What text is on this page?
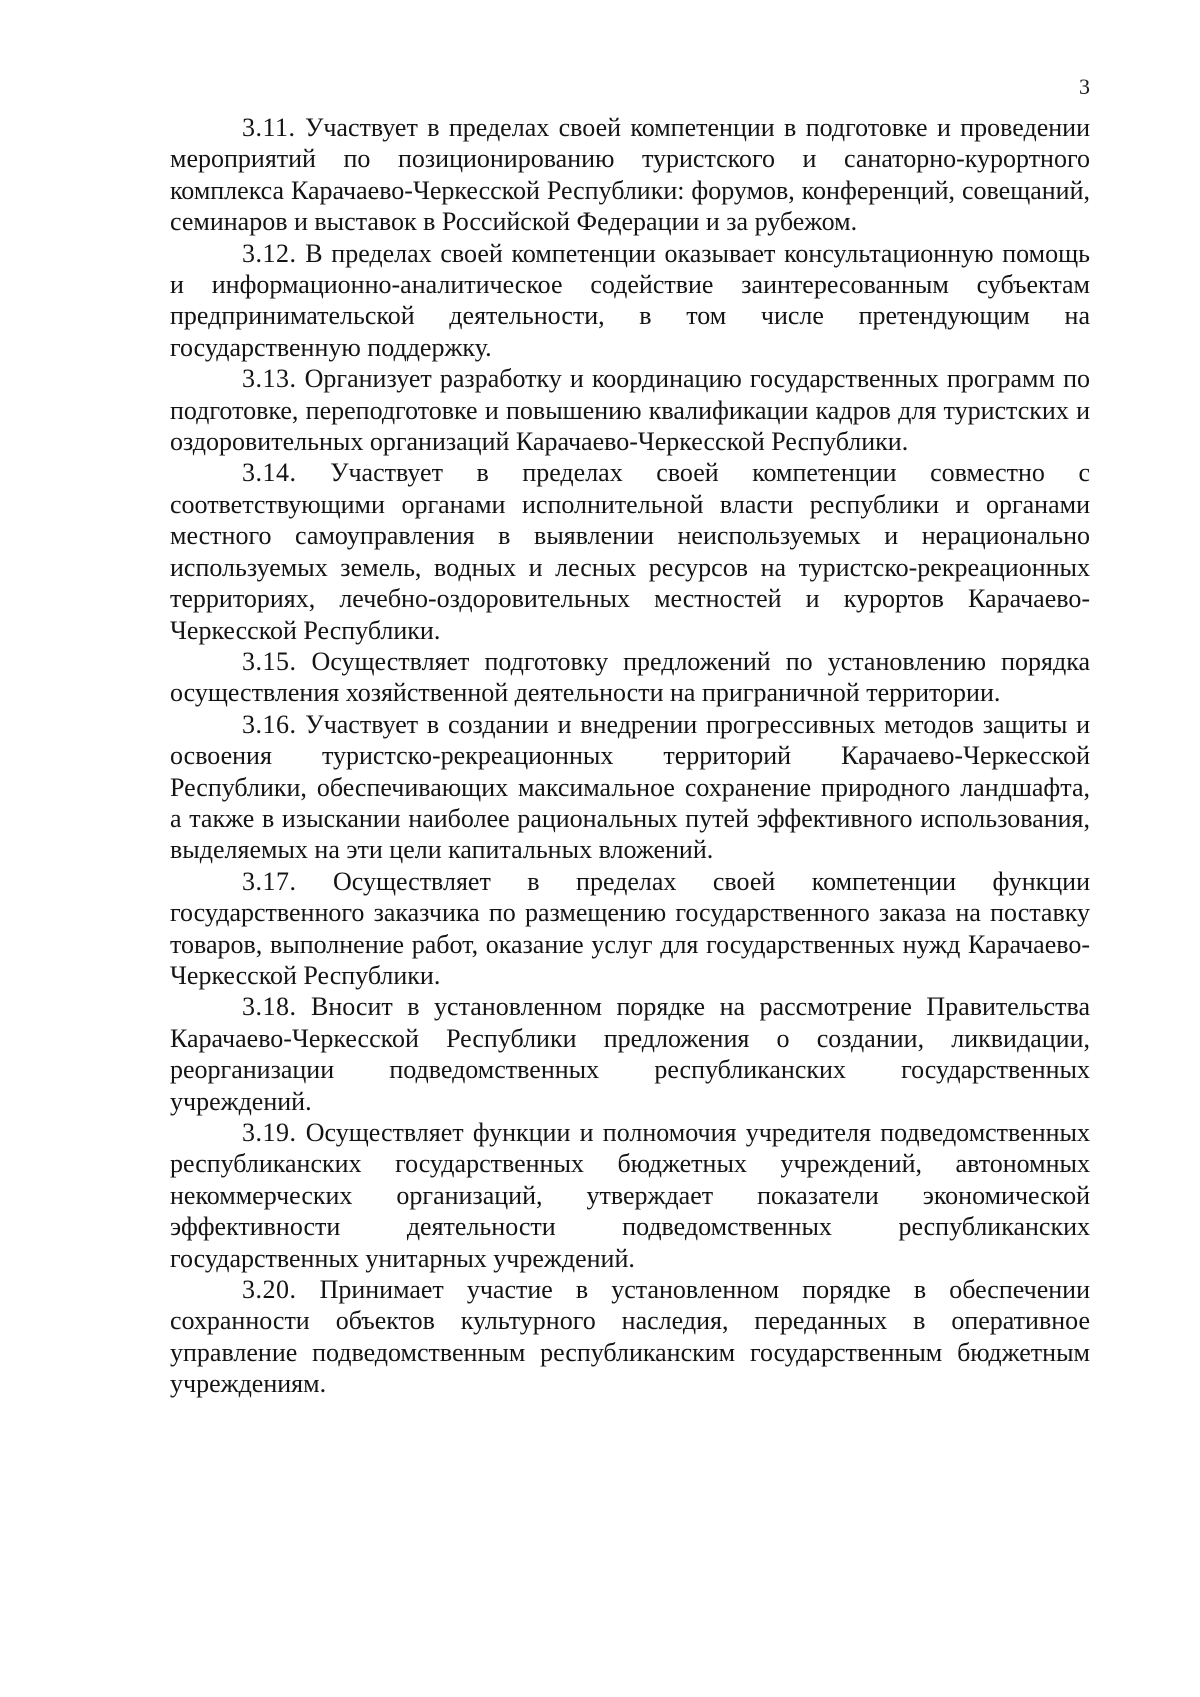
3

3.11. Участвует в пределах своей компетенции в подготовке и проведении мероприятий по позиционированию туристского и санаторно-курортного комплекса Карачаево-Черкесской Республики: форумов, конференций, совещаний, семинаров и выставок в Российской Федерации и за рубежом.

3.12. В пределах своей компетенции оказывает консультационную помощь и информационно-аналитическое содействие заинтересованным субъектам предпринимательской деятельности, в том числе претендующим на государственную поддержку.

3.13. Организует разработку и координацию государственных программ по подготовке, переподготовке и повышению квалификации кадров для туристских и оздоровительных организаций Карачаево-Черкесской Республики.

3.14. Участвует в пределах своей компетенции совместно с соответствующими органами исполнительной власти республики и органами местного самоуправления в выявлении неиспользуемых и нерационально используемых земель, водных и лесных ресурсов на туристско-рекреационных территориях, лечебно-оздоровительных местностей и курортов Карачаево-Черкесской Республики.

3.15. Осуществляет подготовку предложений по установлению порядка осуществления хозяйственной деятельности на приграничной территории.

3.16. Участвует в создании и внедрении прогрессивных методов защиты и освоения туристско-рекреационных территорий Карачаево-Черкесской Республики, обеспечивающих максимальное сохранение природного ландшафта, а также в изыскании наиболее рациональных путей эффективного использования, выделяемых на эти цели капитальных вложений.

3.17. Осуществляет в пределах своей компетенции функции государственного заказчика по размещению государственного заказа на поставку товаров, выполнение работ, оказание услуг для государственных нужд Карачаево-Черкесской Республики.

3.18. Вносит в установленном порядке на рассмотрение Правительства Карачаево-Черкесской Республики предложения о создании, ликвидации, реорганизации подведомственных республиканских государственных учреждений.

3.19. Осуществляет функции и полномочия учредителя подведомственных республиканских государственных бюджетных учреждений, автономных некоммерческих организаций, утверждает показатели экономической эффективности деятельности подведомственных республиканских государственных унитарных учреждений.

3.20. Принимает участие в установленном порядке в обеспечении сохранности объектов культурного наследия, переданных в оперативное управление подведомственным республиканским государственным бюджетным учреждениям.
